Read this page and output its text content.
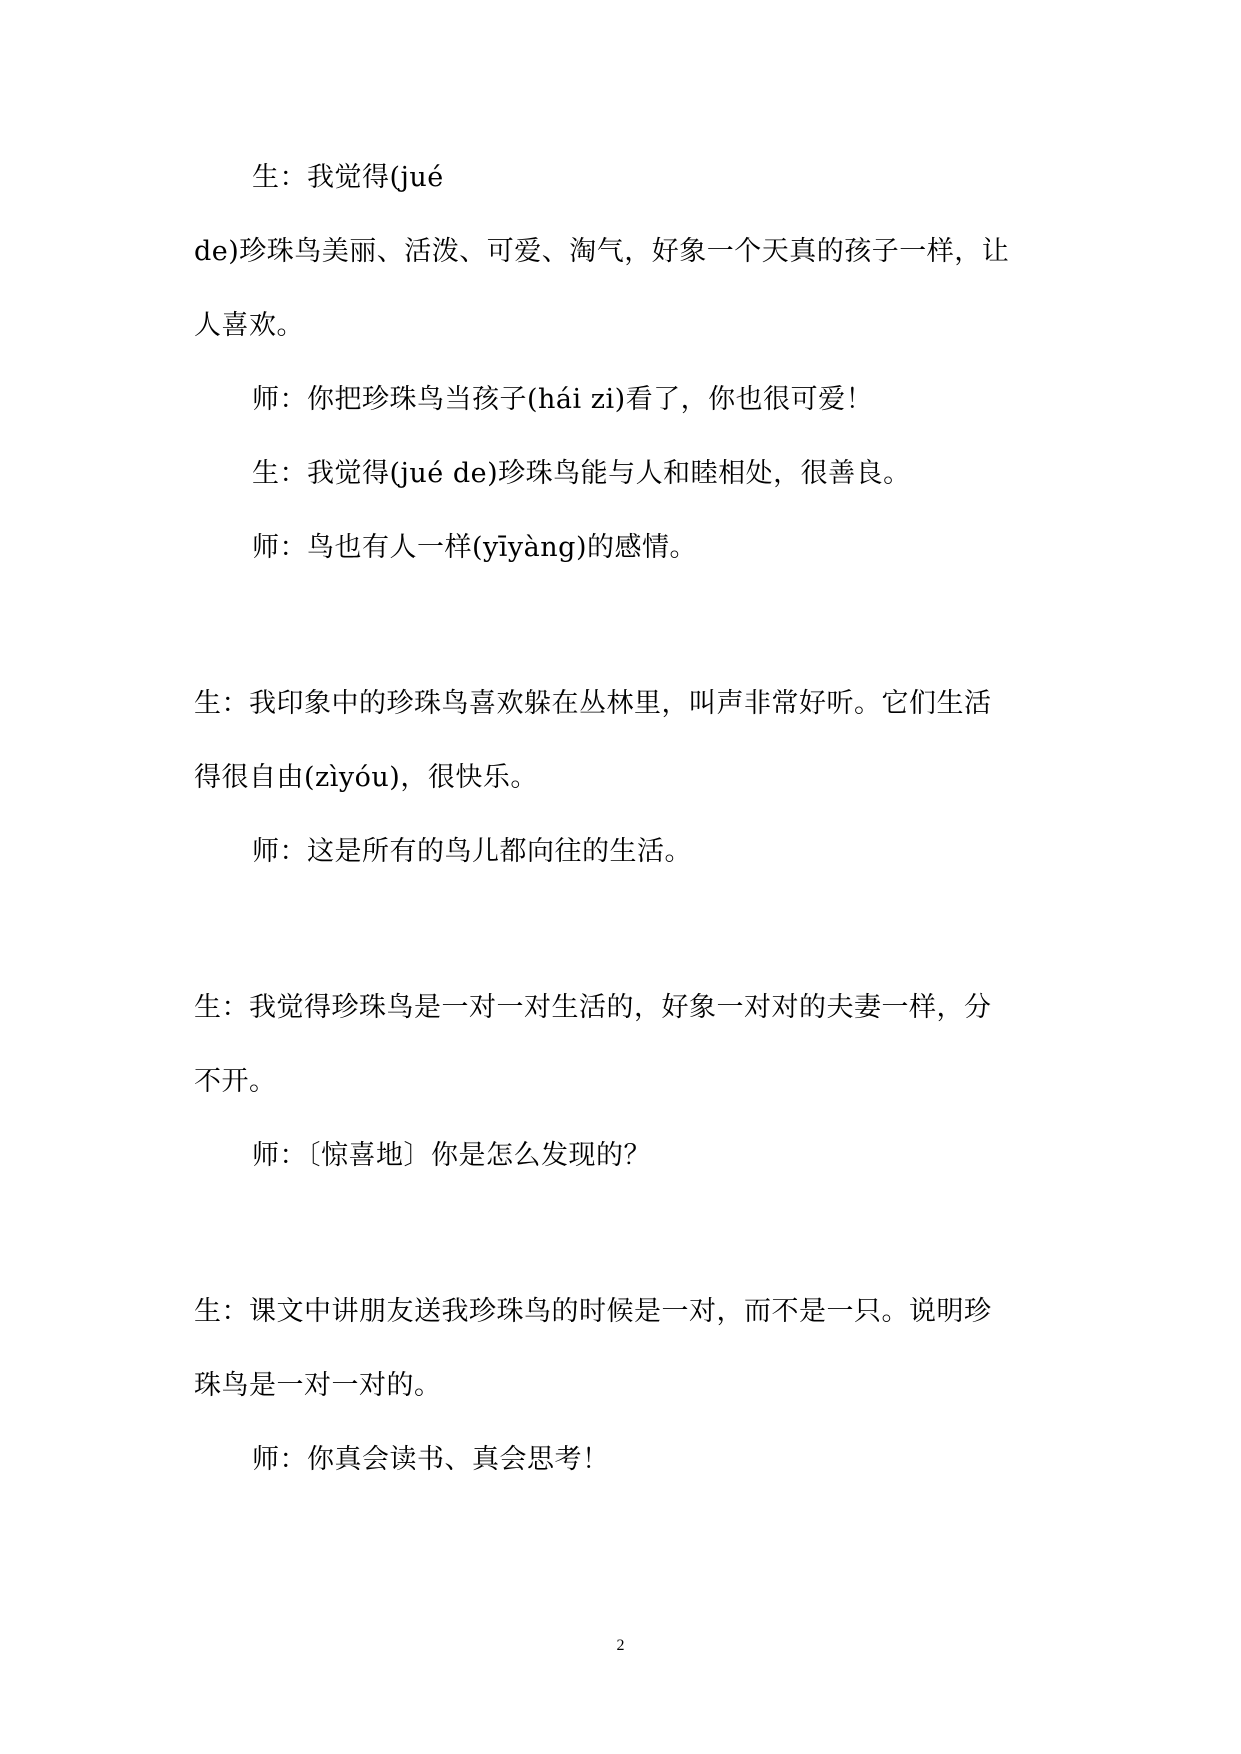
生：我觉得(jué
de)珍珠鸟美丽、活泼、可爱、淘气，好象一个天真的孩子一样，让
人喜欢。
师：你把珍珠鸟当孩子(hái zi)看了，你也很可爱！
生：我觉得(jué de)珍珠鸟能与人和睦相处，很善良。
师：鸟也有人一样(yīyàng)的感情。
生：我印象中的珍珠鸟喜欢躲在丛林里，叫声非常好听。它们生活
得很自由(zìyóu)，很快乐。
师：这是所有的鸟儿都向往的生活。
生：我觉得珍珠鸟是一对一对生活的，好象一对对的夫妻一样，分
不开。
师：〔惊喜地〕你是怎么发现的？
生：课文中讲朋友送我珍珠鸟的时候是一对，而不是一只。说明珍
珠鸟是一对一对的。
师：你真会读书、真会思考！
2
